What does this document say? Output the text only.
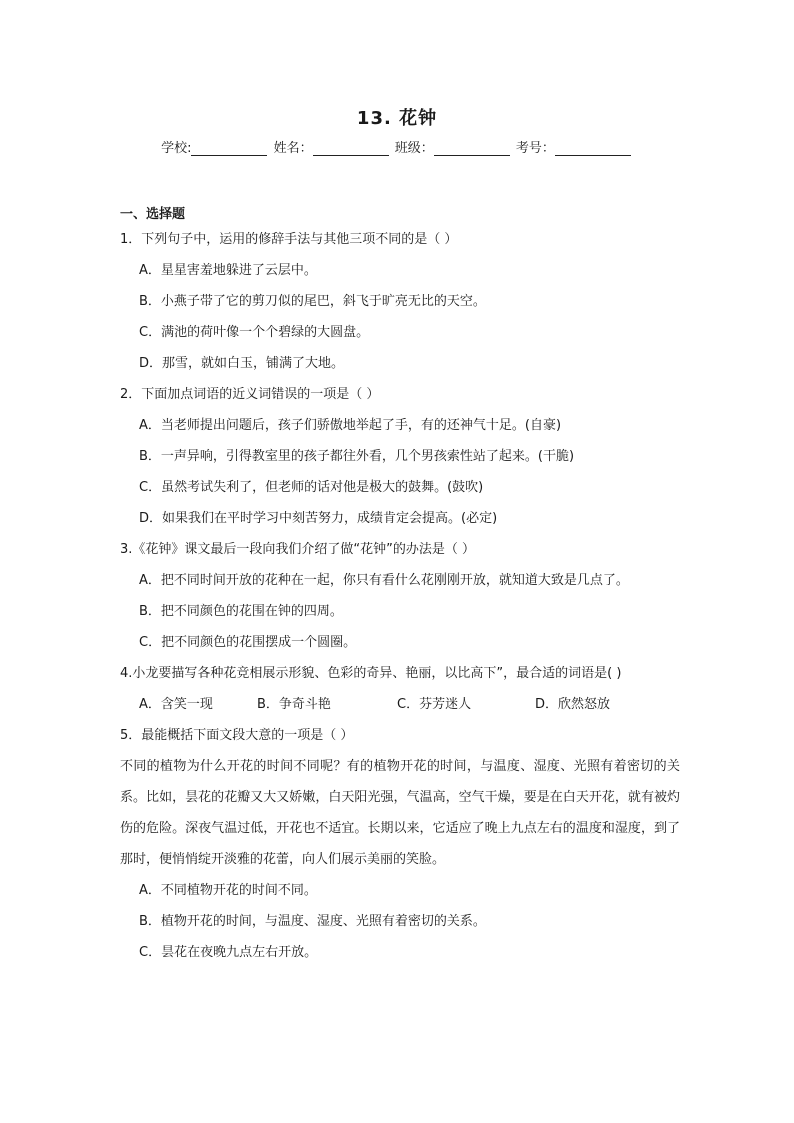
13. 花钟
学校:	姓名：	班级：	考号：
一、选择题
1．下列句子中，运用的修辞手法与其他三项不同的是（ ）
A．星星害羞地躲进了云层中。
B．小燕子带了它的剪刀似的尾巴，斜飞于旷亮无比的天空。
C．满池的荷叶像一个个碧绿的大圆盘。
D．那雪，就如白玉，铺满了大地。
2．下面加点词语的近义词错误的一项是（ ）
A．当老师提出问题后，孩子们骄傲地举起了手，有的还神气十足。(自豪)
B．一声异响，引得教室里的孩子都往外看，几个男孩索性站了起来。(干脆)
C．虽然考试失利了，但老师的话对他是极大的鼓舞。(鼓吹)
D．如果我们在平时学习中刻苦努力，成绩肯定会提高。(必定)
3.《花钟》课文最后一段向我们介绍了做“花钟”的办法是（ ）
A．把不同时间开放的花种在一起，你只有看什么花刚刚开放，就知道大致是几点了。
B．把不同颜色的花围在钟的四周。
C．把不同颜色的花围摆成一个圆圈。
4.小龙要描写各种花竞相展示形貌、色彩的奇异、艳丽，以比高下”，最合适的词语是( )
A．含笑一现	B．争奇斗艳	C．芬芳迷人	D．欣然怒放
5．最能概括下面文段大意的一项是（ ）
不同的植物为什么开花的时间不同呢？有的植物开花的时间，与温度、湿度、光照有着密切的关系。比如，昙花的花瓣又大又娇嫩，白天阳光强，气温高，空气干燥，要是在白天开花，就有被灼伤的危险。深夜气温过低，开花也不适宜。长期以来，它适应了晚上九点左右的温度和湿度，到了那时，便悄悄绽开淡雅的花蕾，向人们展示美丽的笑脸。
A．不同植物开花的时间不同。
B．植物开花的时间，与温度、湿度、光照有着密切的关系。
C．昙花在夜晚九点左右开放。
